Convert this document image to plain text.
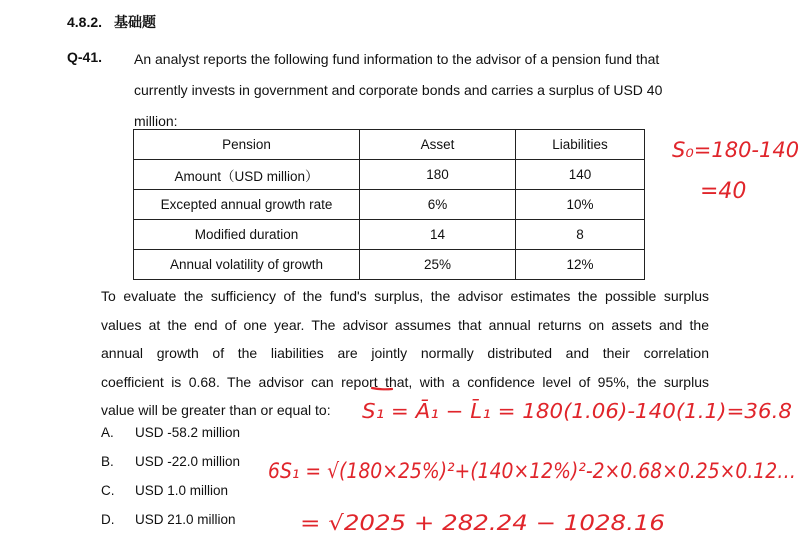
4.8.2. 基础题
Q-41. An analyst reports the following fund information to the advisor of a pension fund that
currently invests in government and corporate bonds and carries a surplus of USD 40
million:
Pension	Asset	Liabilities
Amount（USD million）	180	140
Excepted annual growth rate	6%	10%
Modified duration	14	8
Annual volatility of growth	25%	12%
To evaluate the sufficiency of the fund's surplus, the advisor estimates the possible surplus
values at the end of one year. The advisor assumes that annual returns on assets and the
annual growth of the liabilities are jointly normally distributed and their correlation
coefficient is 0.68. The advisor can report that, with a confidence level of 95%, the surplus
value will be greater than or equal to:
A. USD -58.2 million
B. USD -22.0 million
C. USD 1.0 million
D. USD 21.0 million
S₀=180-140
=40
S₁ = Ā₁ − L̄₁ = 180(1.06)-140(1.1)=36.8
6S₁ = √(180×25%)²+(140×12%)²-2×0.68×0.25×0.12…
= √2025 + 282.24 − 1028.16
